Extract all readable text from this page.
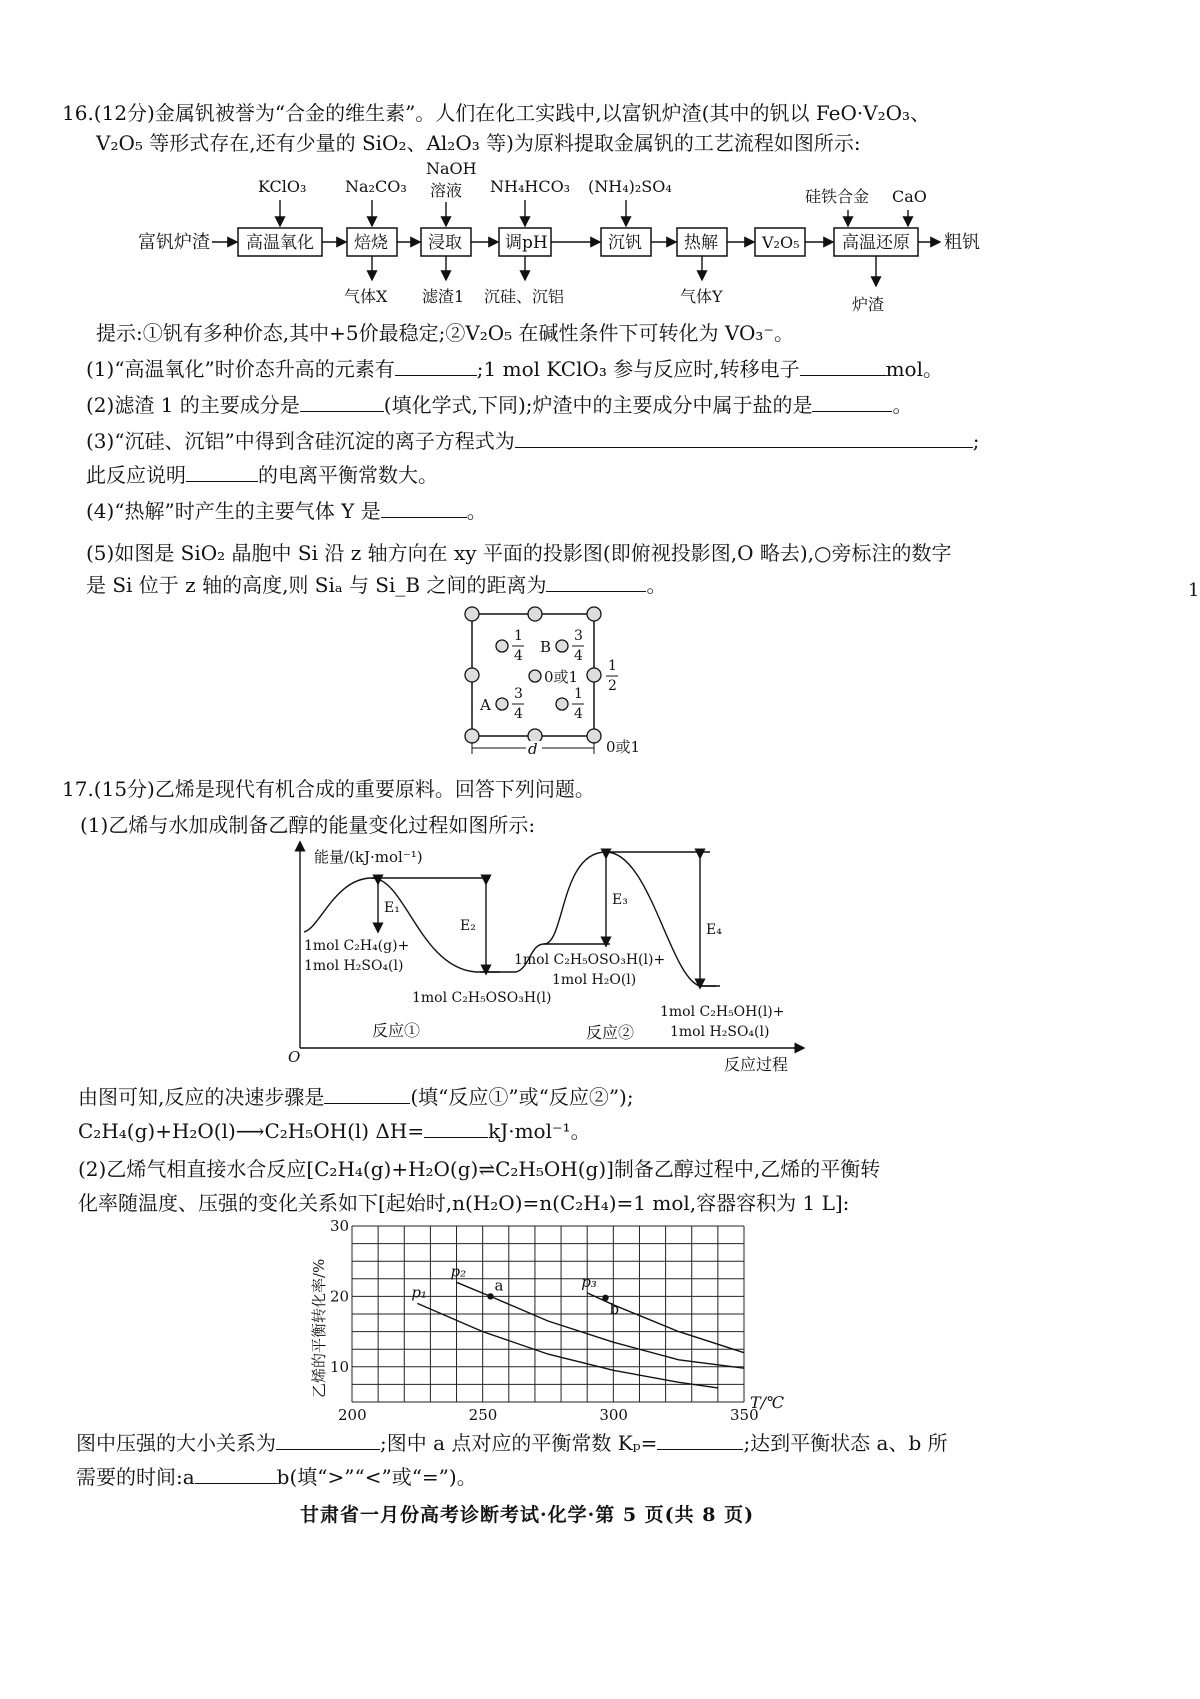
16.(12分)金属钒被誉为“合金的维生素”。人们在化工实践中,以富钒炉渣(其中的钒以 FeO·V₂O₃、
V₂O₅ 等形式存在,还有少量的 SiO₂、Al₂O₃ 等)为原料提取金属钒的工艺流程如图所示:
富钒炉渣 高温氧化 焙烧 浸取	调pH	沉钒 热解	V₂O₅	高温还原 粗钒
KClO₃ Na₂CO₃
NaOH
溶液 NH₄HCO₃ (NH₄)₂SO₄
硅铁合金 CaO
气体X 滤渣1 沉硅、沉铝	气体Y	炉渣
提示:①钒有多种价态,其中+5价最稳定;②V₂O₅ 在碱性条件下可转化为 VO₃⁻。
(1)“高温氧化”时价态升高的元素有	;1 mol KClO₃ 参与反应时,转移电子	mol。
(2)滤渣 1 的主要成分是	(填化学式,下同);炉渣中的主要成分中属于盐的是	。
(3)“沉硅、沉铝”中得到含硅沉淀的离子方程式为	;
此反应说明	的电离平衡常数大。
(4)“热解”时产生的主要气体 Y 是	。
(5)如图是 SiO₂ 晶胞中 Si 沿 z 轴方向在 xy 平面的投影图(即俯视投影图,O 略去),○旁标注的数字
是 Si 位于 z 轴的高度,则 Siₐ 与 Si_B 之间的距离为	。	1
1
4 B
3
4
0或1
1
2
A
3
4
1
4
0或1
d
17.(15分)乙烯是现代有机合成的重要原料。回答下列问题。
(1)乙烯与水加成制备乙醇的能量变化过程如图所示:
能量/(kJ·mol⁻¹)
O	反应过程
E₁
E₂
E₃
E₄
1mol C₂H₄(g)+
1mol H₂SO₄(l)
1mol C₂H₅OSO₃H(l)
1mol C₂H₅OSO₃H(l)+
1mol H₂O(l)
1mol C₂H₅OH(l)+
1mol H₂SO₄(l)
反应①	反应②
由图可知,反应的决速步骤是	(填“反应①”或“反应②”);
C₂H₄(g)+H₂O(l)⟶C₂H₅OH(l) ΔH=	kJ·mol⁻¹。
(2)乙烯气相直接水合反应[C₂H₄(g)+H₂O(g)⇌C₂H₅OH(g)]制备乙醇过程中,乙烯的平衡转
化率随温度、压强的变化关系如下[起始时,n(H₂O)=n(C₂H₄)=1 mol,容器容积为 1 L]:
200	250	300	350
10
20
30
T/℃
乙烯的平衡转化率/%	p₁
p₂
p₃
a
b
图中压强的大小关系为	;图中 a 点对应的平衡常数 Kₚ=	;达到平衡状态 a、b 所
需要的时间:a	b(填“>”“<”或“=”)。
甘肃省一月份高考诊断考试·化学·第 5 页(共 8 页)
